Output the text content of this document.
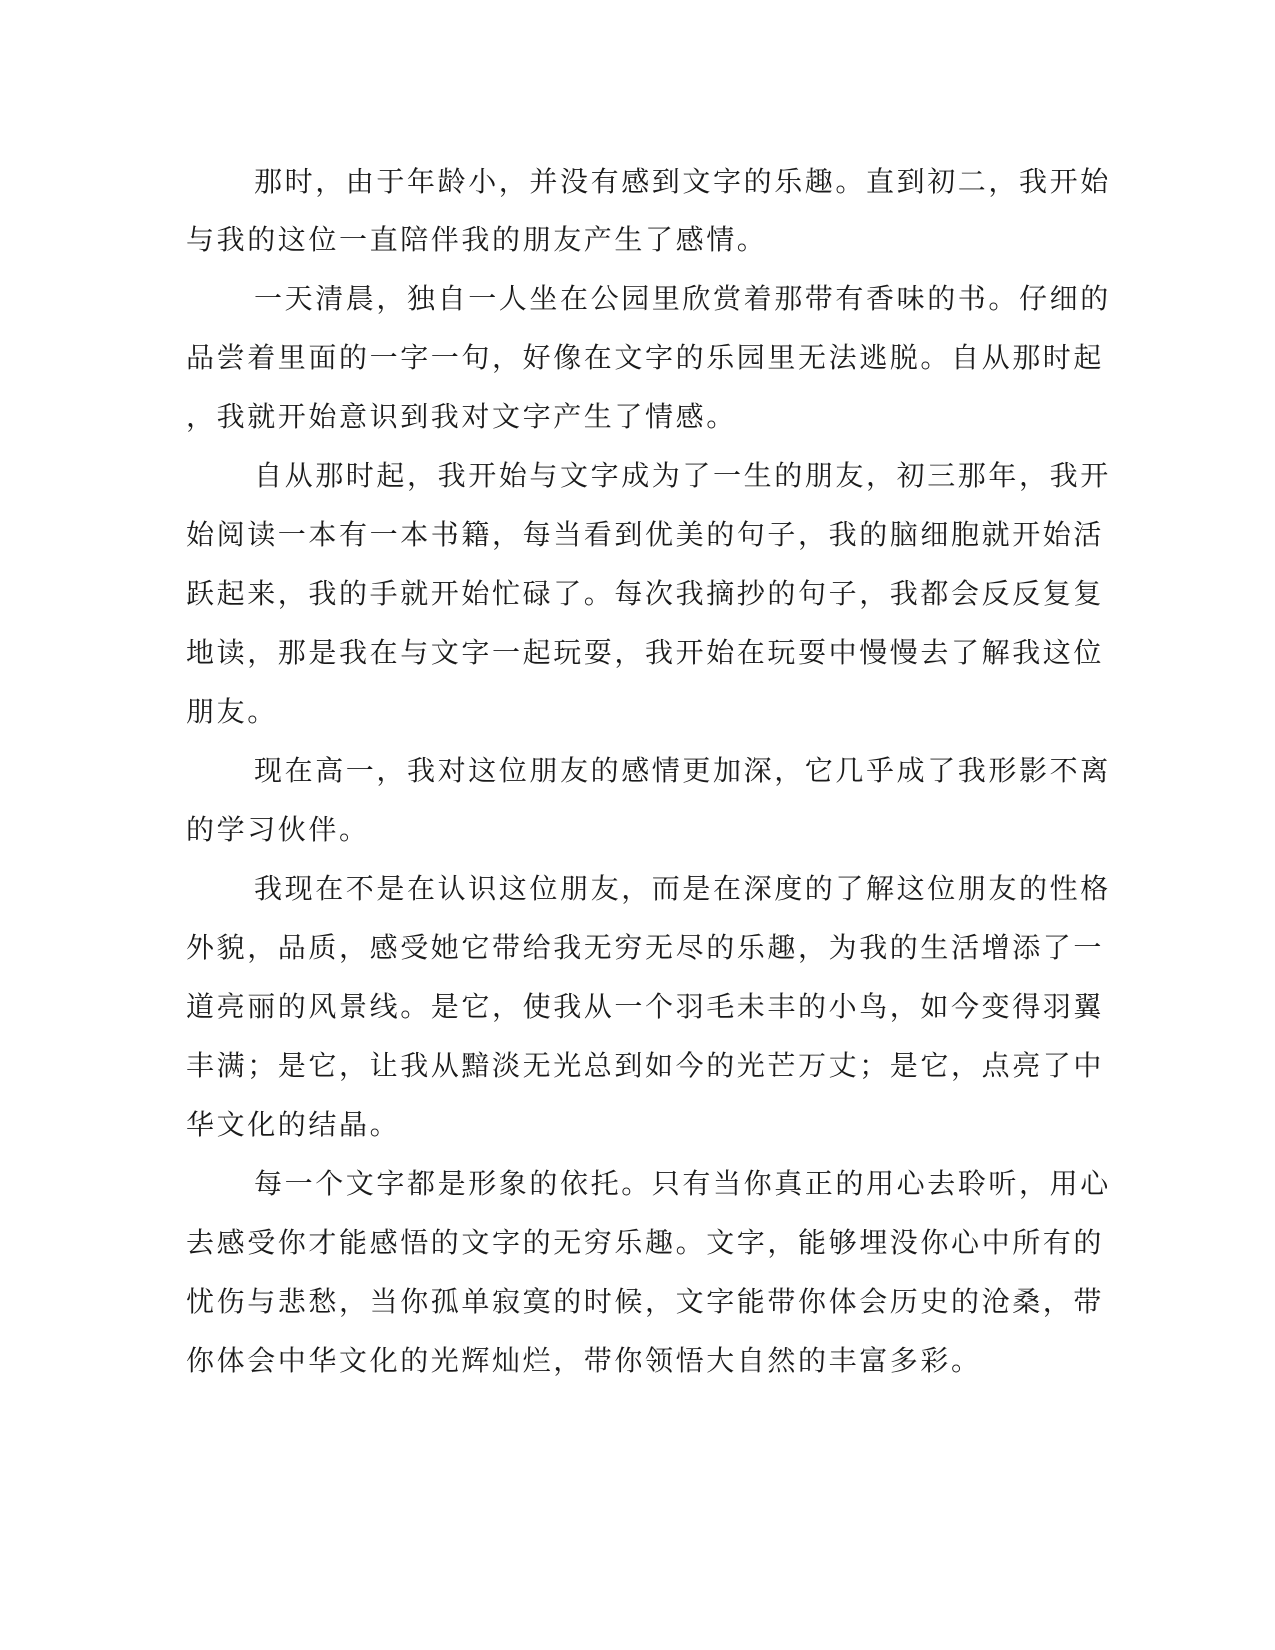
那时，由于年龄小，并没有感到文字的乐趣。直到初二，我开始
与我的这位一直陪伴我的朋友产生了感情。
一天清晨，独自一人坐在公园里欣赏着那带有香味的书。仔细的
品尝着里面的一字一句，好像在文字的乐园里无法逃脱。自从那时起
，我就开始意识到我对文字产生了情感。
自从那时起，我开始与文字成为了一生的朋友，初三那年，我开
始阅读一本有一本书籍，每当看到优美的句子，我的脑细胞就开始活
跃起来，我的手就开始忙碌了。每次我摘抄的句子，我都会反反复复
地读，那是我在与文字一起玩耍，我开始在玩耍中慢慢去了解我这位
朋友。
现在高一，我对这位朋友的感情更加深，它几乎成了我形影不离
的学习伙伴。
我现在不是在认识这位朋友，而是在深度的了解这位朋友的性格
外貌，品质，感受她它带给我无穷无尽的乐趣，为我的生活增添了一
道亮丽的风景线。是它，使我从一个羽毛未丰的小鸟，如今变得羽翼
丰满；是它，让我从黯淡无光总到如今的光芒万丈；是它，点亮了中
华文化的结晶。
每一个文字都是形象的依托。只有当你真正的用心去聆听，用心
去感受你才能感悟的文字的无穷乐趣。文字，能够埋没你心中所有的
忧伤与悲愁，当你孤单寂寞的时候，文字能带你体会历史的沧桑，带
你体会中华文化的光辉灿烂，带你领悟大自然的丰富多彩。
